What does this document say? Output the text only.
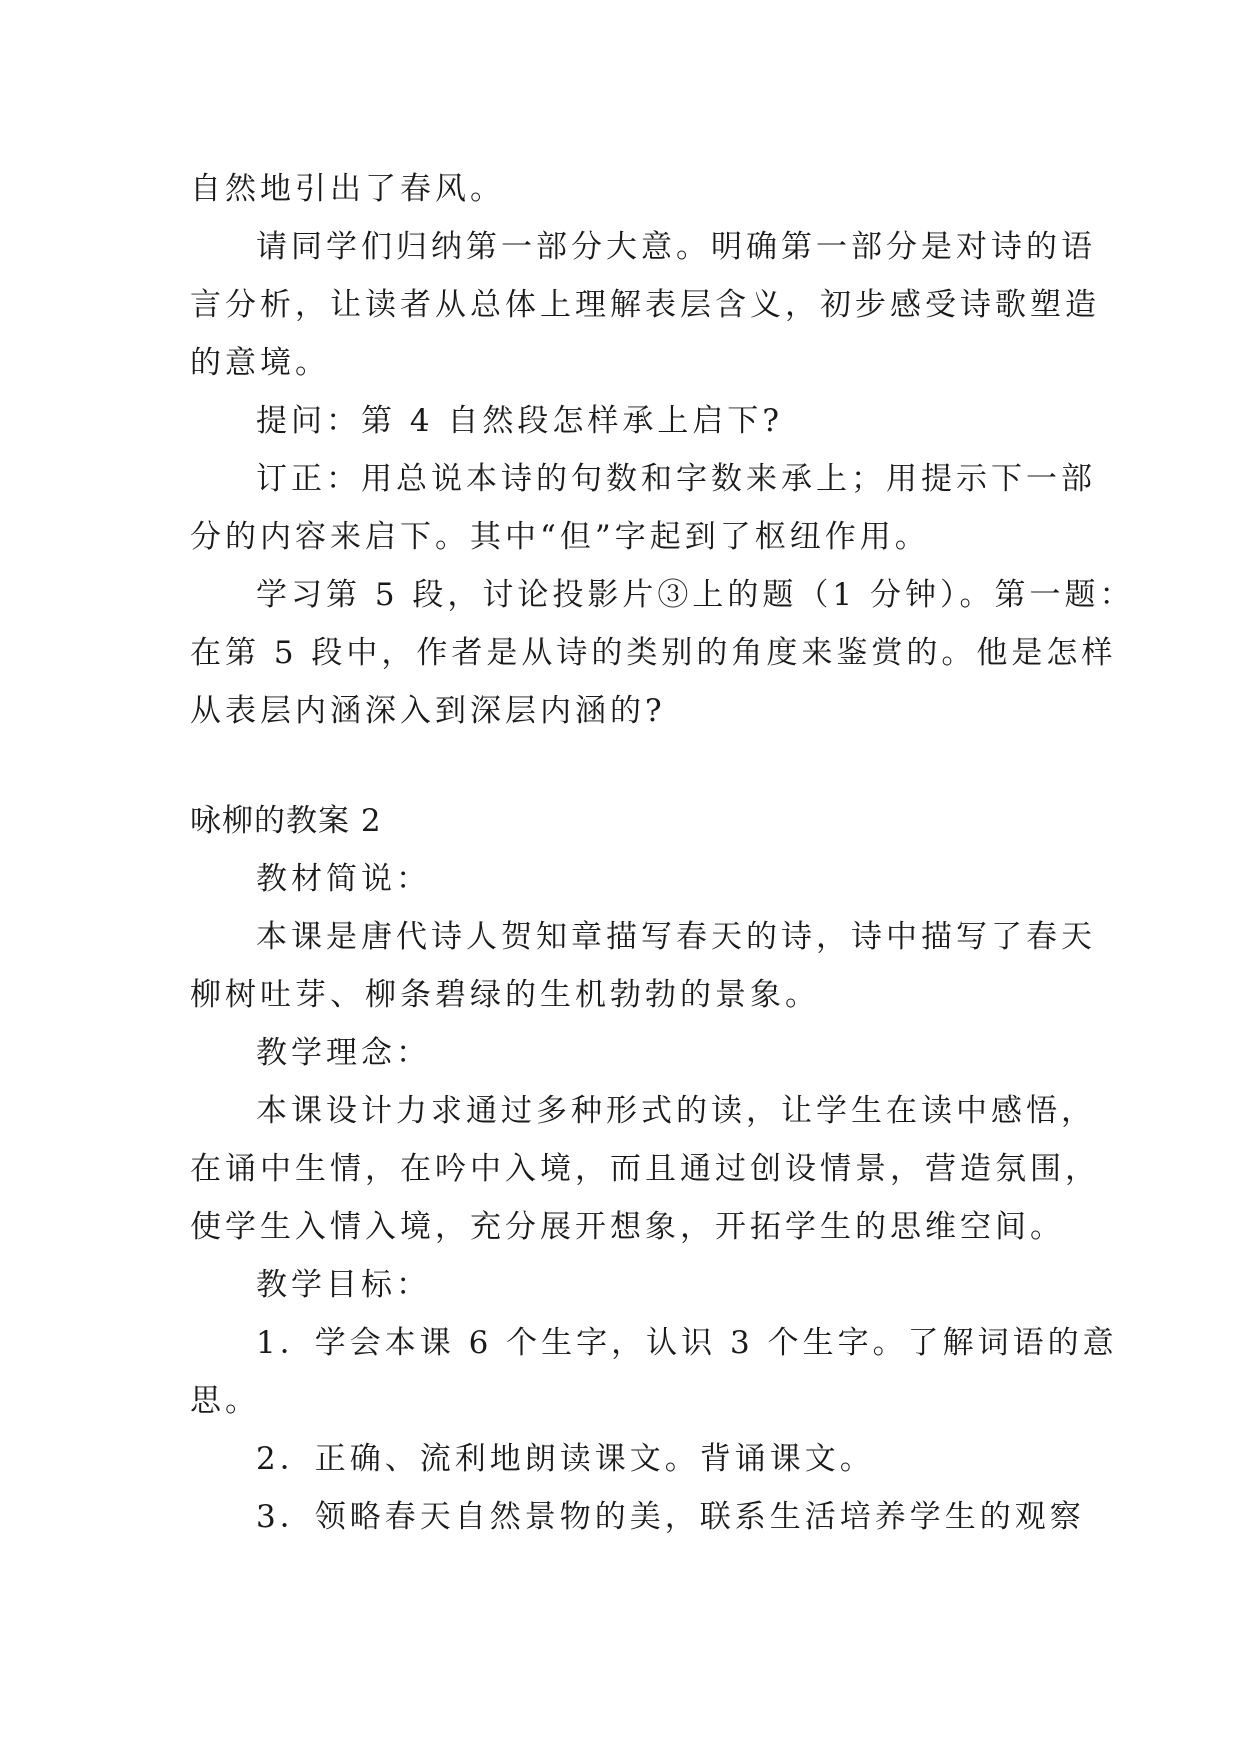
自然地引出了春风。

请同学们归纳第一部分大意。明确第一部分是对诗的语

言分析，让读者从总体上理解表层含义，初步感受诗歌塑造

的意境。

提问：第 4 自然段怎样承上启下?

订正：用总说本诗的句数和字数来承上；用提示下一部

分的内容来启下。其中“但”字起到了枢纽作用。

学习第 5 段，讨论投影片③上的题（1 分钟）。第一题：

在第 5 段中，作者是从诗的类别的角度来鉴赏的。他是怎样

从表层内涵深入到深层内涵的?

咏柳的教案 2

教材简说：

本课是唐代诗人贺知章描写春天的诗，诗中描写了春天

柳树吐芽、柳条碧绿的生机勃勃的景象。

教学理念：

本课设计力求通过多种形式的读，让学生在读中感悟，

在诵中生情，在吟中入境，而且通过创设情景，营造氛围，

使学生入情入境，充分展开想象，开拓学生的思维空间。

教学目标：

1．学会本课 6 个生字，认识 3 个生字。了解词语的意

思。

2．正确、流利地朗读课文。背诵课文。

3．领略春天自然景物的美，联系生活培养学生的观察
